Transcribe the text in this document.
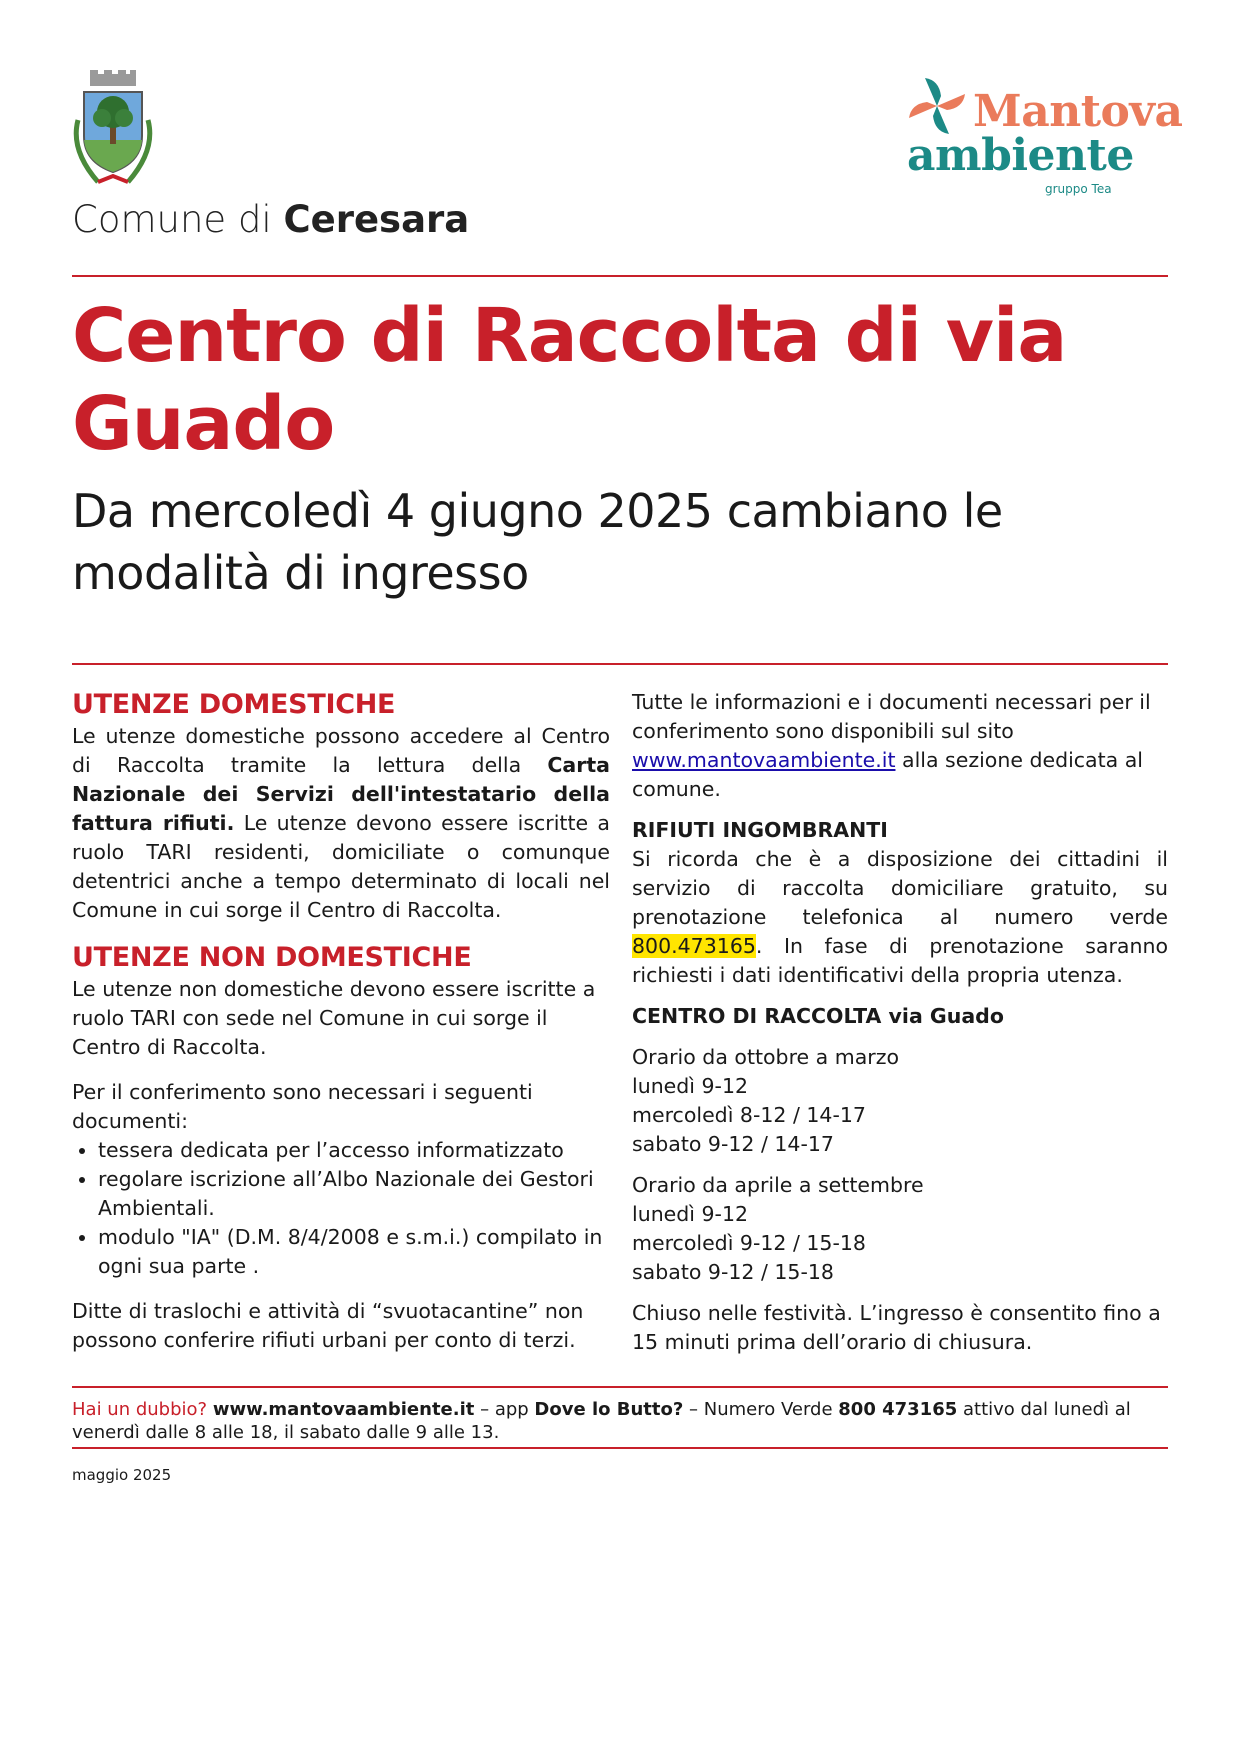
Mantova
ambiente
gruppo Tea
Comune di Ceresara
Centro di Raccolta di via Guado
Da mercoledì 4 giugno 2025 cambiano le modalità di ingresso
UTENZE DOMESTICHE

Le utenze domestiche possono accedere al Centro di Raccolta tramite la lettura della Carta Nazionale dei Servizi dell'intestatario della fattura rifiuti. Le utenze devono essere iscritte a ruolo TARI residenti, domiciliate o comunque detentrici anche a tempo determinato di locali nel Comune in cui sorge il Centro di Raccolta.

UTENZE NON DOMESTICHE

Le utenze non domestiche devono essere iscritte a ruolo TARI con sede nel Comune in cui sorge il Centro di Raccolta.

Per il conferimento sono necessari i seguenti documenti:

• tessera dedicata per l’accesso informatizzato
• regolare iscrizione all’Albo Nazionale dei Gestori Ambientali.
• modulo "IA" (D.M. 8/4/2008 e s.m.i.) compilato in ogni sua parte .

Ditte di traslochi e attività di “svuotacantine” non possono conferire rifiuti urbani per conto di terzi.

Tutte le informazioni e i documenti necessari per il conferimento sono disponibili sul sito www.mantovaambiente.it alla sezione dedicata al comune.

RIFIUTI INGOMBRANTI

Si ricorda che è a disposizione dei cittadini il servizio di raccolta domiciliare gratuito, su prenotazione telefonica al numero verde 800.473165. In fase di prenotazione saranno richiesti i dati identificativi della propria utenza.

CENTRO DI RACCOLTA via Guado

Orario da ottobre a marzo

lunedì 9-12

mercoledì 8-12 / 14-17

sabato 9-12 / 14-17

Orario da aprile a settembre

lunedì 9-12

mercoledì 9-12 / 15-18

sabato 9-12 / 15-18

Chiuso nelle festività. L’ingresso è consentito fino a 15 minuti prima dell’orario di chiusura.

Hai un dubbio? www.mantovaambiente.it – app Dove lo Butto? – Numero Verde 800 473165 attivo dal lunedì al venerdì dalle 8 alle 18, il sabato dalle 9 alle 13.
maggio 2025
